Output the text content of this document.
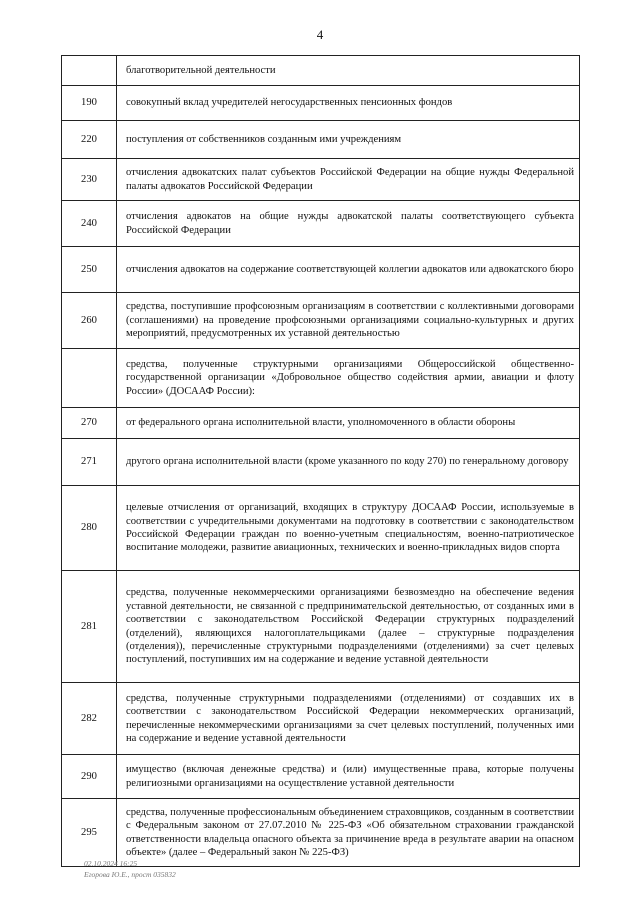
4
	благотворительной деятельности
190	совокупный вклад учредителей негосударственных пенсионных фондов
220	поступления от собственников созданным ими учреждениям
230	отчисления адвокатских палат субъектов Российской Федерации на общие нужды Федеральной палаты адвокатов Российской Федерации
240	отчисления адвокатов на общие нужды адвокатской палаты соответствующего субъекта Российской Федерации
250	отчисления адвокатов на содержание соответствующей коллегии адвокатов или адвокатского бюро
260	средства, поступившие профсоюзным организациям в соответствии с коллективными договорами (соглашениями) на проведение профсоюзными организациями социально-культурных и других мероприятий, предусмотренных их уставной деятельностью
	средства, полученные структурными организациями Общероссийской общественно-государственной организации «Добровольное общество содействия армии, авиации и флоту России» (ДОСААФ России):
270	от федерального органа исполнительной власти, уполномоченного в области обороны
271	другого органа исполнительной власти (кроме указанного по коду 270) по генеральному договору
280	целевые отчисления от организаций, входящих в структуру ДОСААФ России, используемые в соответствии с учредительными документами на подготовку в соответствии с законодательством Российской Федерации граждан по военно-учетным специальностям, военно-патриотическое воспитание молодежи, развитие авиационных, технических и военно-прикладных видов спорта
281	средства, полученные некоммерческими организациями безвозмездно на обеспечение ведения уставной деятельности, не связанной с предпринимательской деятельностью, от созданных ими в соответствии с законодательством Российской Федерации структурных подразделений (отделений), являющихся налогоплательщиками (далее – структурные подразделения (отделения)), перечисленные структурными подразделениями (отделениями) за счет целевых поступлений, поступивших им на содержание и ведение уставной деятельности
282	средства, полученные структурными подразделениями (отделениями) от создавших их в соответствии с законодательством Российской Федерации некоммерческих организаций, перечисленные некоммерческими организациями за счет целевых поступлений, полученных ими на содержание и ведение уставной деятельности
290	имущество (включая денежные средства) и (или) имущественные права, которые получены религиозными организациями на осуществление уставной деятельности
295	средства, полученные профессиональным объединением страховщиков, созданным в соответствии с Федеральным законом от 27.07.2010 № 225-ФЗ «Об обязательном страховании гражданской ответственности владельца опасного объекта за причинение вреда в результате аварии на опасном объекте» (далее – Федеральный закон № 225-ФЗ)
02.10.2024 16:25
Егорова Ю.Е., прост 035832
